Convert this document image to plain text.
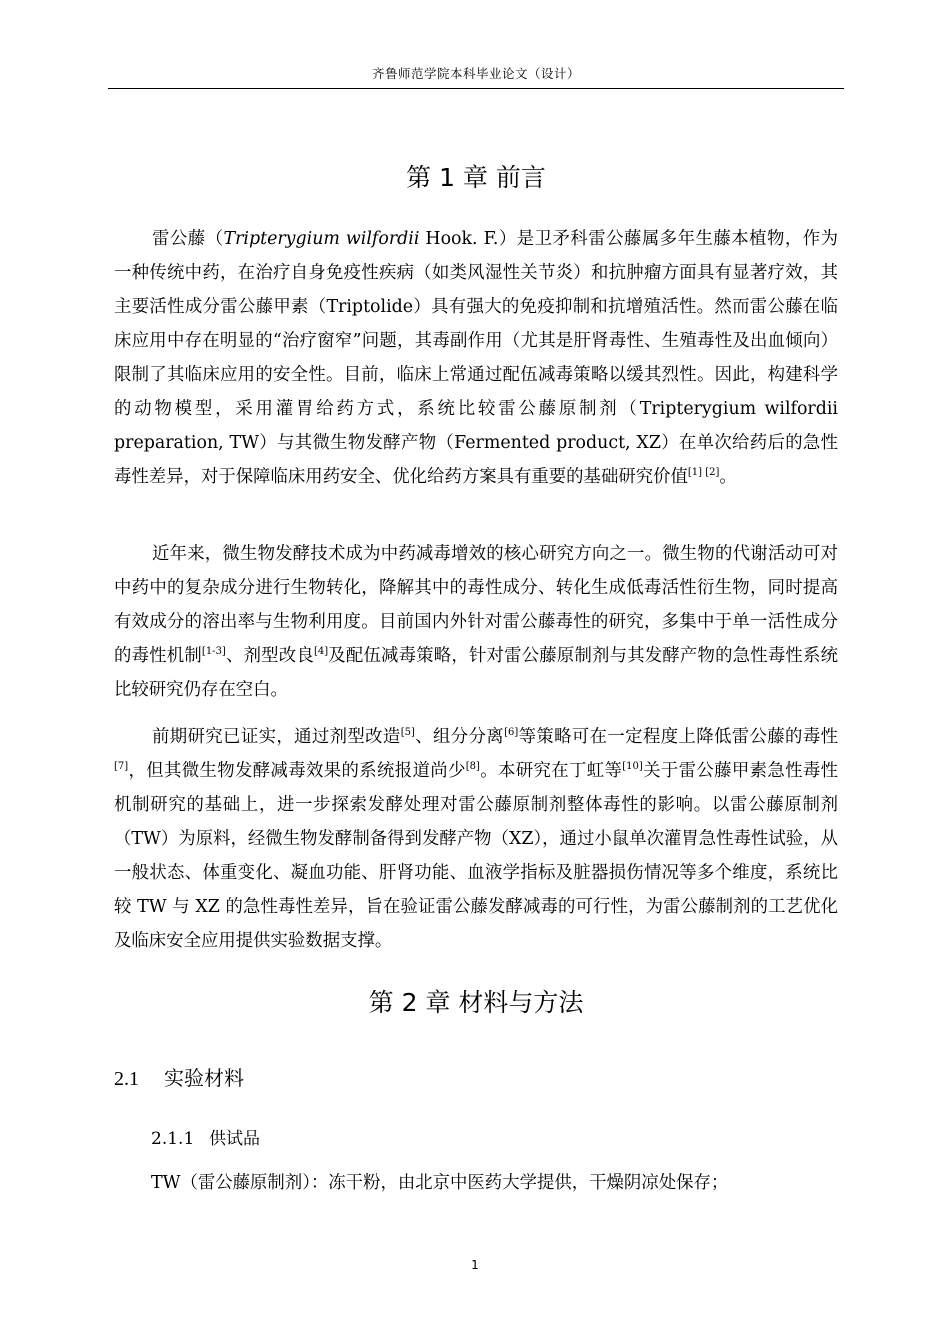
齐鲁师范学院本科毕业论文（设计）
第 1 章 前言

雷公藤（Tripterygium wilfordii Hook. F.）是卫矛科雷公藤属多年生藤本植物，作为一种传统中药，在治疗自身免疫性疾病（如类风湿性关节炎）和抗肿瘤方面具有显著疗效，其主要活性成分雷公藤甲素（Triptolide）具有强大的免疫抑制和抗增殖活性。然而雷公藤在临床应用中存在明显的“治疗窗窄”问题，其毒副作用（尤其是肝肾毒性、生殖毒性及出血倾向）限制了其临床应用的安全性。目前，临床上常通过配伍减毒策略以缓其烈性。因此，构建科学的动物模型，采用灌胃给药方式，系统比较雷公藤原制剂（Tripterygium wilfordii preparation, TW）与其微生物发酵产物（Fermented product, XZ）在单次给药后的急性毒性差异，对于保障临床用药安全、优化给药方案具有重要的基础研究价值[1] [2]。

近年来，微生物发酵技术成为中药减毒增效的核心研究方向之一。微生物的代谢活动可对中药中的复杂成分进行生物转化，降解其中的毒性成分、转化生成低毒活性衍生物，同时提高有效成分的溶出率与生物利用度。目前国内外针对雷公藤毒性的研究，多集中于单一活性成分的毒性机制[1-3]、剂型改良[4]及配伍减毒策略，针对雷公藤原制剂与其发酵产物的急性毒性系统比较研究仍存在空白。

前期研究已证实，通过剂型改造[5]、组分分离[6]等策略可在一定程度上降低雷公藤的毒性[7]，但其微生物发酵减毒效果的系统报道尚少[8]。本研究在丁虹等[10]关于雷公藤甲素急性毒性机制研究的基础上，进一步探索发酵处理对雷公藤原制剂整体毒性的影响。以雷公藤原制剂（TW）为原料，经微生物发酵制备得到发酵产物（XZ），通过小鼠单次灌胃急性毒性试验，从一般状态、体重变化、凝血功能、肝肾功能、血液学指标及脏器损伤情况等多个维度，系统比较 TW 与 XZ 的急性毒性差异，旨在验证雷公藤发酵减毒的可行性，为雷公藤制剂的工艺优化及临床安全应用提供实验数据支撑。

第 2 章 材料与方法
2.1 实验材料
2.1.1 供试品
TW（雷公藤原制剂）：冻干粉，由北京中医药大学提供，干燥阴凉处保存；
1
